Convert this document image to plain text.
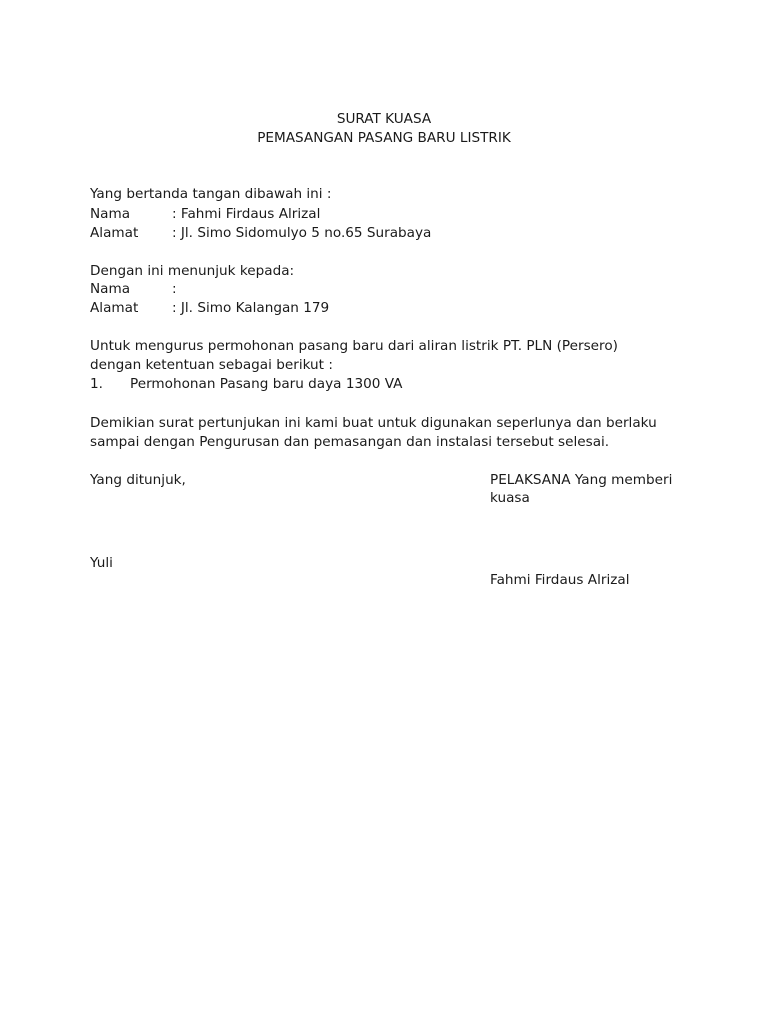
SURAT KUASA
PEMASANGAN PASANG BARU LISTRIK
Yang bertanda tangan dibawah ini :
Nama	: Fahmi Firdaus Alrizal
Alamat : Jl. Simo Sidomulyo 5 no.65 Surabaya
Dengan ini menunjuk kepada:
Nama	:
Alamat : Jl. Simo Kalangan 179
Untuk mengurus permohonan pasang baru dari aliran listrik PT. PLN (Persero)
dengan ketentuan sebagai berikut :
1. Permohonan Pasang baru daya 1300 VA
Demikian surat pertunjukan ini kami buat untuk digunakan seperlunya dan berlaku
sampai dengan Pengurusan dan pemasangan dan instalasi tersebut selesai.
Yang ditunjuk,	PELAKSANA Yang memberi
kuasa
Yuli
Fahmi Firdaus Alrizal
